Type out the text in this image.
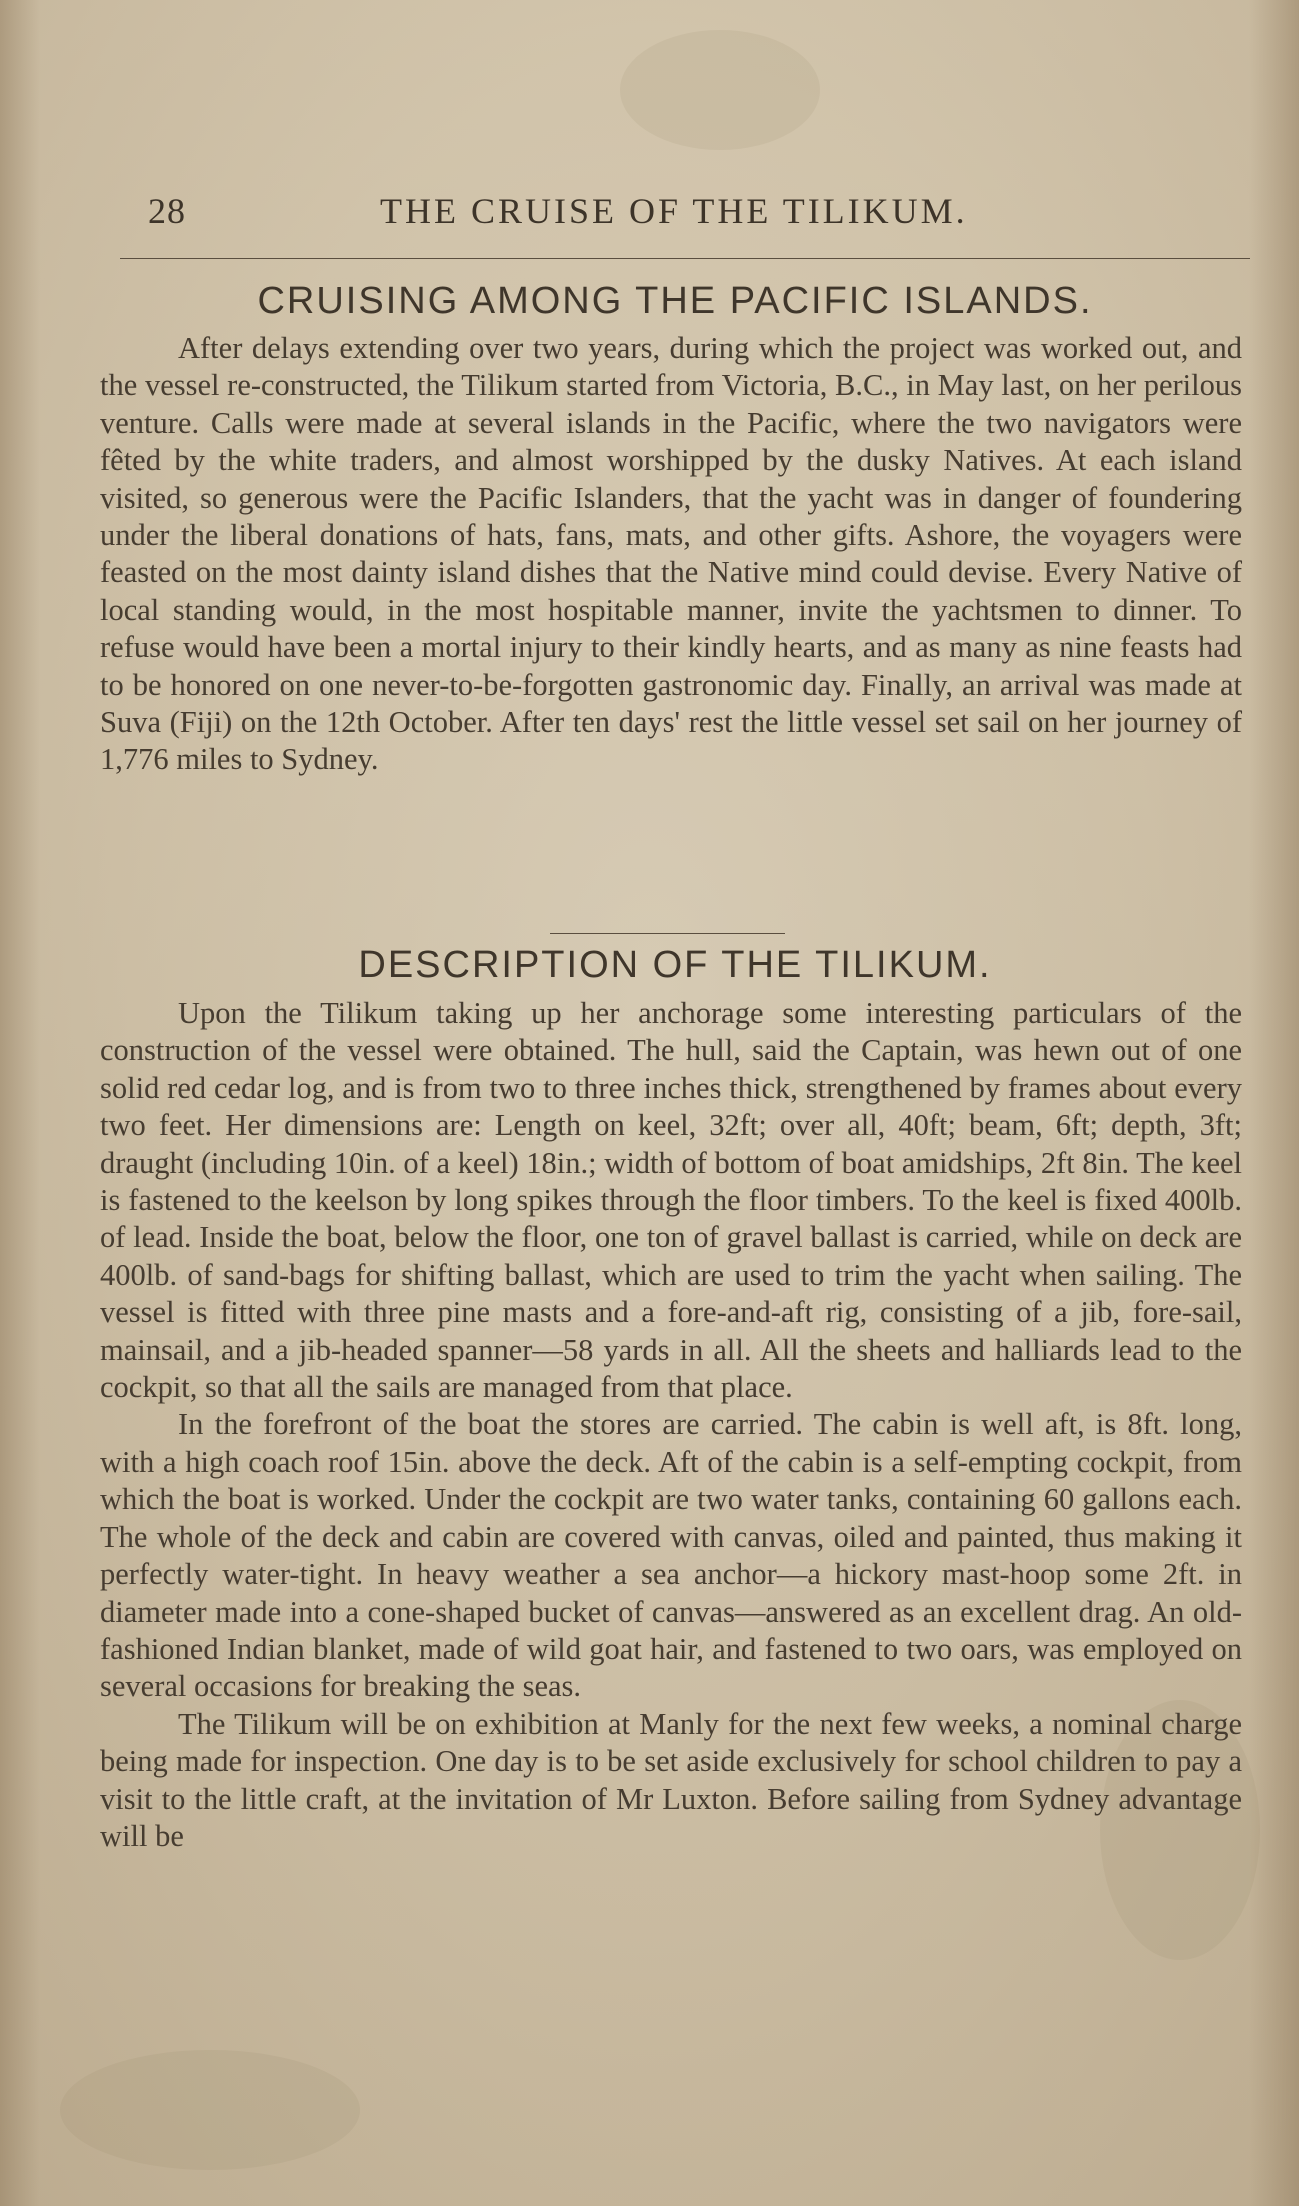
28	THE CRUISE OF THE TILIKUM.
CRUISING AMONG THE PACIFIC ISLANDS.

After delays extending over two years, during which the project was worked out, and the vessel re-constructed, the Tilikum started from Victoria, B.C., in May last, on her perilous venture. Calls were made at several islands in the Pacific, where the two navigators were fêted by the white traders, and almost worshipped by the dusky Natives. At each island visited, so generous were the Pacific Islanders, that the yacht was in danger of foundering under the liberal donations of hats, fans, mats, and other gifts. Ashore, the voyagers were feasted on the most dainty island dishes that the Native mind could devise. Every Native of local standing would, in the most hospitable manner, invite the yachtsmen to dinner. To refuse would have been a mortal injury to their kindly hearts, and as many as nine feasts had to be honored on one never-to-be-forgotten gastronomic day. Finally, an arrival was made at Suva (Fiji) on the 12th October. After ten days' rest the little vessel set sail on her journey of 1,776 miles to Sydney.

DESCRIPTION OF THE TILIKUM.

Upon the Tilikum taking up her anchorage some interesting particulars of the construction of the vessel were obtained. The hull, said the Captain, was hewn out of one solid red cedar log, and is from two to three inches thick, strengthened by frames about every two feet. Her dimensions are: Length on keel, 32ft; over all, 40ft; beam, 6ft; depth, 3ft; draught (including 10in. of a keel) 18in.; width of bottom of boat amidships, 2ft 8in. The keel is fastened to the keelson by long spikes through the floor timbers. To the keel is fixed 400lb. of lead. Inside the boat, below the floor, one ton of gravel ballast is carried, while on deck are 400lb. of sand-bags for shifting ballast, which are used to trim the yacht when sailing. The vessel is fitted with three pine masts and a fore-and-aft rig, consisting of a jib, fore-sail, mainsail, and a jib-headed spanner—58 yards in all. All the sheets and halliards lead to the cockpit, so that all the sails are managed from that place.

In the forefront of the boat the stores are carried. The cabin is well aft, is 8ft. long, with a high coach roof 15in. above the deck. Aft of the cabin is a self-empting cockpit, from which the boat is worked. Under the cockpit are two water tanks, containing 60 gallons each. The whole of the deck and cabin are covered with canvas, oiled and painted, thus making it perfectly water-tight. In heavy weather a sea anchor—a hickory mast-hoop some 2ft. in diameter made into a cone-shaped bucket of canvas—answered as an excellent drag. An old-fashioned Indian blanket, made of wild goat hair, and fastened to two oars, was employed on several occasions for breaking the seas.

The Tilikum will be on exhibition at Manly for the next few weeks, a nominal charge being made for inspection. One day is to be set aside exclusively for school children to pay a visit to the little craft, at the invitation of Mr Luxton. Before sailing from Sydney advantage will be
